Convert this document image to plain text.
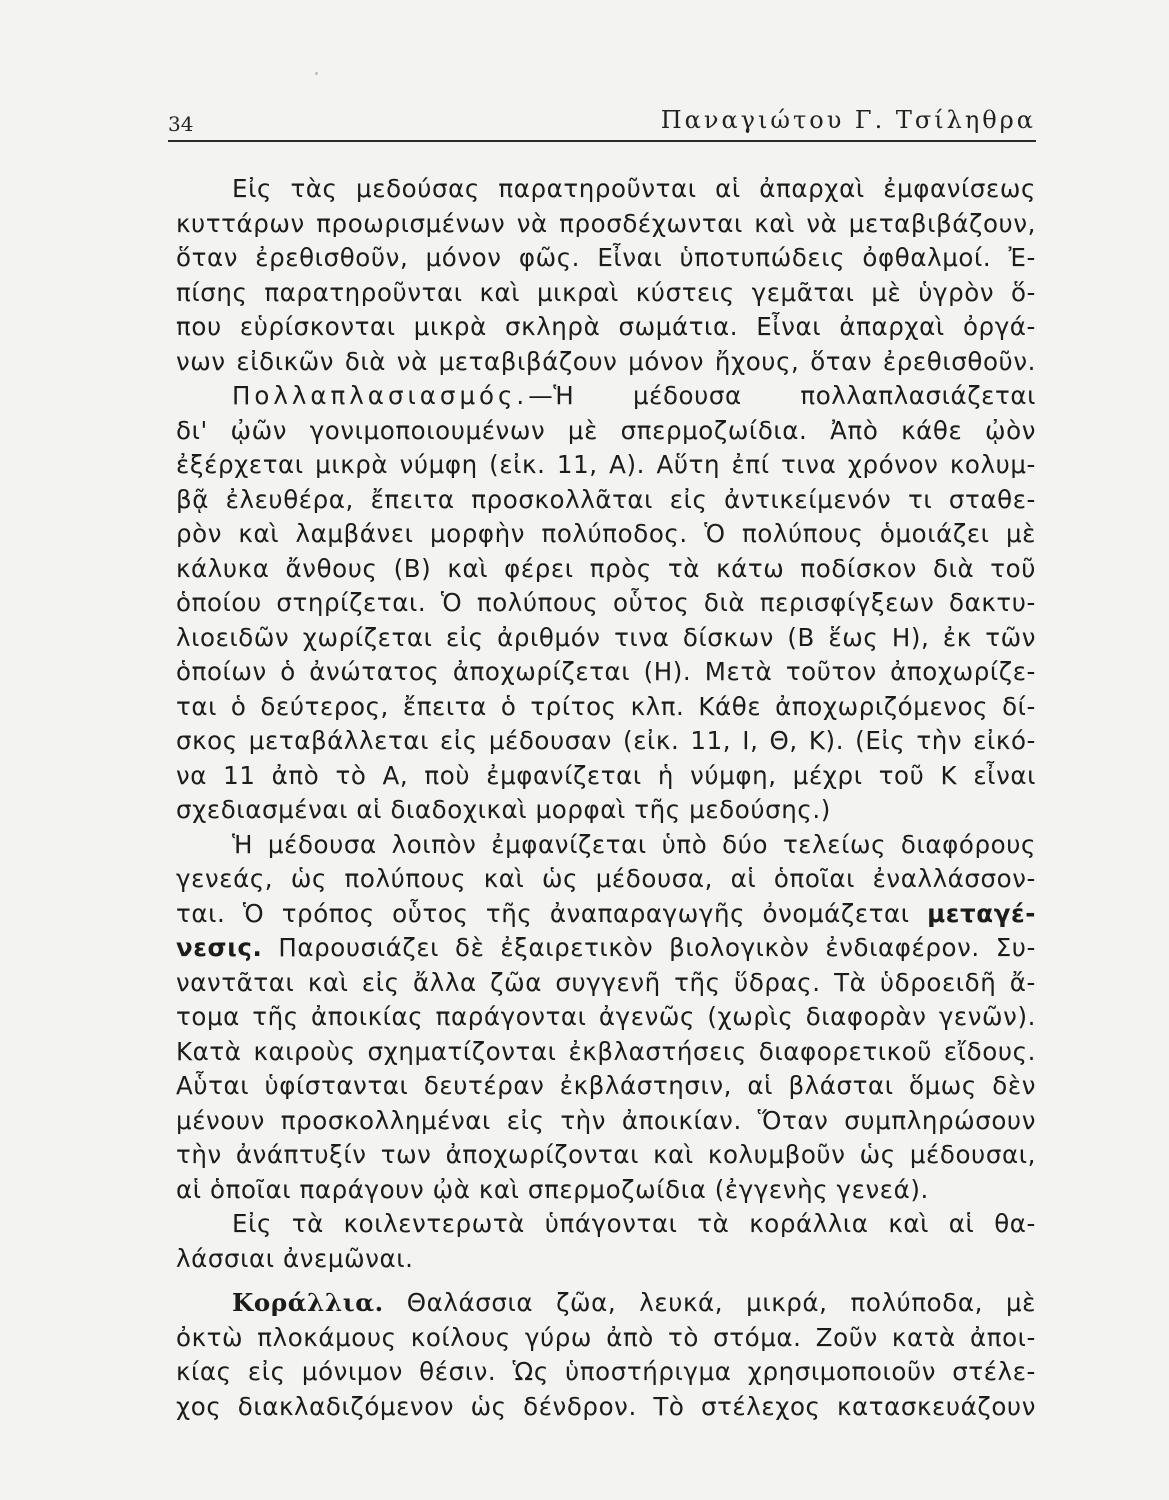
34	Παναγιώτου Γ. Τσίληθρα
Εἰς τὰς μεδούσας παρατηροῦνται αἱ ἀπαρχαὶ ἐμφανίσεως
κυττάρων προωρισμένων νὰ προσδέχωνται καὶ νὰ μεταβιβάζουν,
ὅταν ἐρεθισθοῦν, μόνον φῶς. Εἶναι ὑποτυπώδεις ὀφθαλμοί. Ἐ-
πίσης παρατηροῦνται καὶ μικραὶ κύστεις γεμᾶται μὲ ὑγρὸν ὅ-
που εὑρίσκονται μικρὰ σκληρὰ σωμάτια. Εἶναι ἀπαρχαὶ ὀργά-
νων εἰδικῶν διὰ νὰ μεταβιβάζουν μόνον ἤχους, ὅταν ἐρεθισθοῦν.
Πολλαπλασιασμός.—Ἡ μέδουσα πολλαπλασιάζεται
δι' ᾠῶν γονιμοποιουμένων μὲ σπερμοζωίδια. Ἀπὸ κάθε ᾠὸν
ἐξέρχεται μικρὰ νύμφη (εἰκ. 11, Α). Αὕτη ἐπί τινα χρόνον κολυμ-
βᾷ ἐλευθέρα, ἔπειτα προσκολλᾶται εἰς ἀντικείμενόν τι σταθε-
ρὸν καὶ λαμβάνει μορφὴν πολύποδος. Ὁ πολύπους ὁμοιάζει μὲ
κάλυκα ἄνθους (Β) καὶ φέρει πρὸς τὰ κάτω ποδίσκον διὰ τοῦ
ὁποίου στηρίζεται. Ὁ πολύπους οὗτος διὰ περισφίγξεων δακτυ-
λιοειδῶν χωρίζεται εἰς ἀριθμόν τινα δίσκων (Β ἕως Η), ἐκ τῶν
ὁποίων ὁ ἀνώτατος ἀποχωρίζεται (Η). Μετὰ τοῦτον ἀποχωρίζε-
ται ὁ δεύτερος, ἔπειτα ὁ τρίτος κλπ. Κάθε ἀποχωριζόμενος δί-
σκος μεταβάλλεται εἰς μέδουσαν (εἰκ. 11, Ι, Θ, Κ). (Εἰς τὴν εἰκό-
να 11 ἀπὸ τὸ Α, ποὺ ἐμφανίζεται ἡ νύμφη, μέχρι τοῦ Κ εἶναι
σχεδιασμέναι αἱ διαδοχικαὶ μορφαὶ τῆς μεδούσης.)
Ἡ μέδουσα λοιπὸν ἐμφανίζεται ὑπὸ δύο τελείως διαφόρους
γενεάς, ὡς πολύπους καὶ ὡς μέδουσα, αἱ ὁποῖαι ἐναλλάσσον-
ται. Ὁ τρόπος οὗτος τῆς ἀναπαραγωγῆς ὀνομάζεται μεταγέ-
νεσις. Παρουσιάζει δὲ ἐξαιρετικὸν βιολογικὸν ἐνδιαφέρον. Συ-
ναντᾶται καὶ εἰς ἄλλα ζῶα συγγενῆ τῆς ὕδρας. Τὰ ὑδροειδῆ ἄ-
τομα τῆς ἀποικίας παράγονται ἀγενῶς (χωρὶς διαφορὰν γενῶν).
Κατὰ καιροὺς σχηματίζονται ἐκβλαστήσεις διαφορετικοῦ εἴδους.
Αὗται ὑφίστανται δευτέραν ἐκβλάστησιν, αἱ βλάσται ὅμως δὲν
μένουν προσκολλημέναι εἰς τὴν ἀποικίαν. Ὅταν συμπληρώσουν
τὴν ἀνάπτυξίν των ἀποχωρίζονται καὶ κολυμβοῦν ὡς μέδουσαι,
αἱ ὁποῖαι παράγουν ᾠὰ καὶ σπερμοζωίδια (ἐγγενὴς γενεά).
Εἰς τὰ κοιλεντερωτὰ ὑπάγονται τὰ κοράλλια καὶ αἱ θα-
λάσσιαι ἀνεμῶναι.
Κοράλλια. Θαλάσσια ζῶα, λευκά, μικρά, πολύποδα, μὲ
ὀκτὼ πλοκάμους κοίλους γύρω ἀπὸ τὸ στόμα. Ζοῦν κατὰ ἀποι-
κίας εἰς μόνιμον θέσιν. Ὡς ὑποστήριγμα χρησιμοποιοῦν στέλε-
χος διακλαδιζόμενον ὡς δένδρον. Τὸ στέλεχος κατασκευάζουν
